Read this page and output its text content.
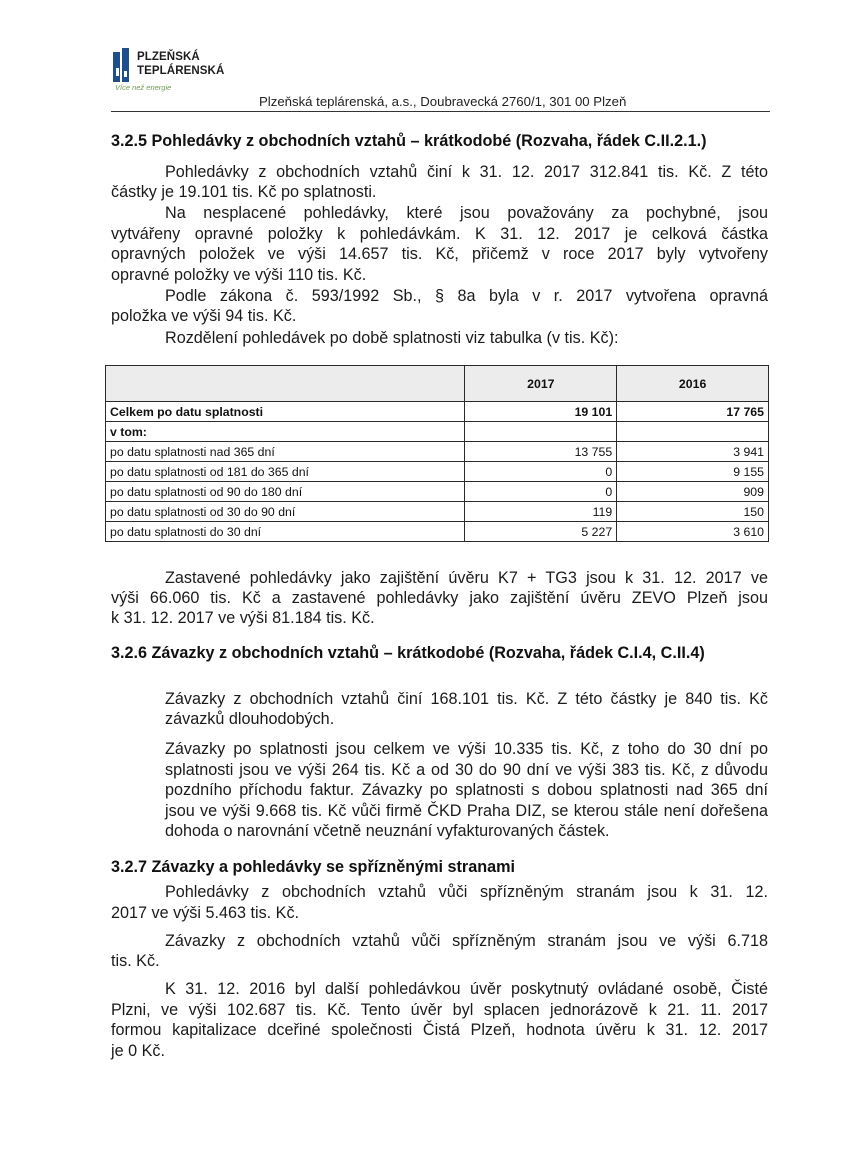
PLZEŇSKÁ
TEPLÁRENSKÁ
Více než energie
Plzeňská teplárenská, a.s., Doubravecká 2760/1, 301 00 Plzeň
3.2.5 Pohledávky z obchodních vztahů – krátkodobé (Rozvaha, řádek C.II.2.1.)
Pohledávky z obchodních vztahů činí k 31. 12. 2017 312.841 tis. Kč. Z této
částky je 19.101 tis. Kč po splatnosti.
Na nesplacené pohledávky, které jsou považovány za pochybné, jsou
vytvářeny opravné položky k pohledávkám. K 31. 12. 2017 je celková částka
opravných položek ve výši 14.657 tis. Kč, přičemž v roce 2017 byly vytvořeny
opravné položky ve výši 110 tis. Kč.
Podle zákona č. 593/1992 Sb., § 8a byla v r. 2017 vytvořena opravná
položka ve výši 94 tis. Kč.
Rozdělení pohledávek po době splatnosti viz tabulka (v tis. Kč):
	2017	2016
Celkem po datu splatnosti	19 101	17 765
v tom:		
po datu splatnosti nad 365 dní	13 755	3 941
po datu splatnosti od 181 do 365 dní	0	9 155
po datu splatnosti od 90 do 180 dní	0	909
po datu splatnosti od 30 do 90 dní	119	150
po datu splatnosti do 30 dní	5 227	3 610
Zastavené pohledávky jako zajištění úvěru K7 + TG3 jsou k 31. 12. 2017 ve
výši 66.060 tis. Kč a zastavené pohledávky jako zajištění úvěru ZEVO Plzeň jsou
k 31. 12. 2017 ve výši 81.184 tis. Kč.
3.2.6 Závazky z obchodních vztahů – krátkodobé (Rozvaha, řádek C.I.4, C.II.4)
Závazky z obchodních vztahů činí 168.101 tis. Kč. Z této částky je 840 tis. Kč
závazků dlouhodobých.
Závazky po splatnosti jsou celkem ve výši 10.335 tis. Kč, z toho do 30 dní po
splatnosti jsou ve výši 264 tis. Kč a od 30 do 90 dní ve výši 383 tis. Kč, z důvodu
pozdního příchodu faktur. Závazky po splatnosti s dobou splatnosti nad 365 dní
jsou ve výši 9.668 tis. Kč vůči firmě ČKD Praha DIZ, se kterou stále není dořešena
dohoda o narovnání včetně neuznání vyfakturovaných částek.
3.2.7 Závazky a pohledávky se spřízněnými stranami
Pohledávky z obchodních vztahů vůči spřízněným stranám jsou k 31. 12.
2017 ve výši 5.463 tis. Kč.
Závazky z obchodních vztahů vůči spřízněným stranám jsou ve výši 6.718
tis. Kč.
K 31. 12. 2016 byl další pohledávkou úvěr poskytnutý ovládané osobě, Čisté
Plzni, ve výši 102.687 tis. Kč. Tento úvěr byl splacen jednorázově k 21. 11. 2017
formou kapitalizace dceřiné společnosti Čistá Plzeň, hodnota úvěru k 31. 12. 2017
je 0 Kč.
